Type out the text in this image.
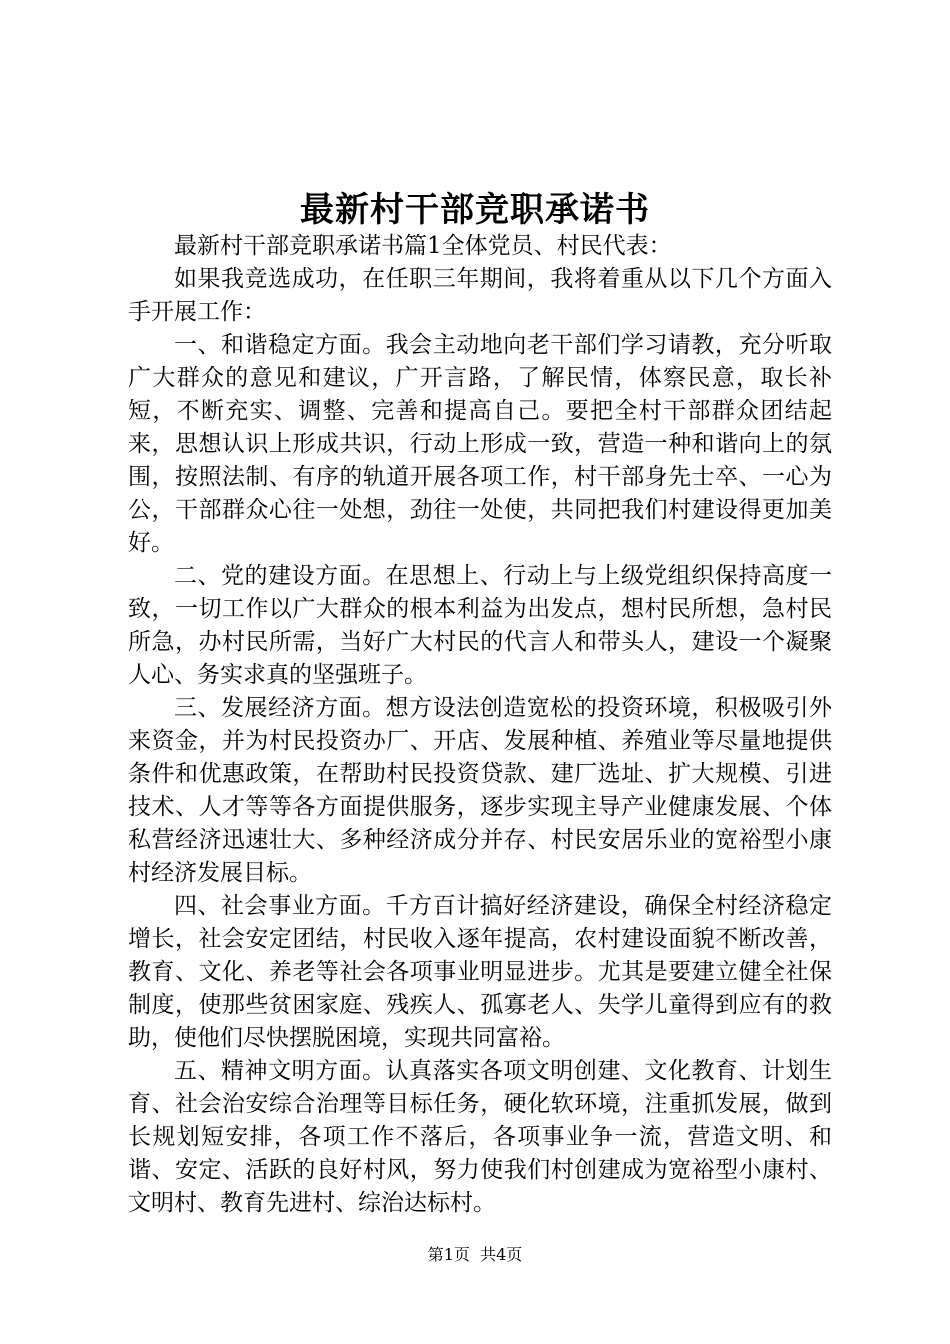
最新村干部竞职承诺书

最新村干部竞职承诺书篇1全体党员、村民代表：

如果我竞选成功，在任职三年期间，我将着重从以下几个方面入手开展工作：

一、和谐稳定方面。我会主动地向老干部们学习请教，充分听取广大群众的意见和建议，广开言路，了解民情，体察民意，取长补短，不断充实、调整、完善和提高自己。要把全村干部群众团结起来，思想认识上形成共识，行动上形成一致，营造一种和谐向上的氛围，按照法制、有序的轨道开展各项工作，村干部身先士卒、一心为公，干部群众心往一处想，劲往一处使，共同把我们村建设得更加美好。

二、党的建设方面。在思想上、行动上与上级党组织保持高度一致，一切工作以广大群众的根本利益为出发点，想村民所想，急村民所急，办村民所需，当好广大村民的代言人和带头人，建设一个凝聚人心、务实求真的坚强班子。

三、发展经济方面。想方设法创造宽松的投资环境，积极吸引外来资金，并为村民投资办厂、开店、发展种植、养殖业等尽量地提供条件和优惠政策，在帮助村民投资贷款、建厂选址、扩大规模、引进技术、人才等等各方面提供服务，逐步实现主导产业健康发展、个体私营经济迅速壮大、多种经济成分并存、村民安居乐业的宽裕型小康村经济发展目标。

四、社会事业方面。千方百计搞好经济建设，确保全村经济稳定增长，社会安定团结，村民收入逐年提高，农村建设面貌不断改善，教育、文化、养老等社会各项事业明显进步。尤其是要建立健全社保制度，使那些贫困家庭、残疾人、孤寡老人、失学儿童得到应有的救助，使他们尽快摆脱困境，实现共同富裕。

五、精神文明方面。认真落实各项文明创建、文化教育、计划生育、社会治安综合治理等目标任务，硬化软环境，注重抓发展，做到长规划短安排，各项工作不落后，各项事业争一流，营造文明、和谐、安定、活跃的良好村风，努力使我们村创建成为宽裕型小康村、文明村、教育先进村、综治达标村。

第1页 共4页
